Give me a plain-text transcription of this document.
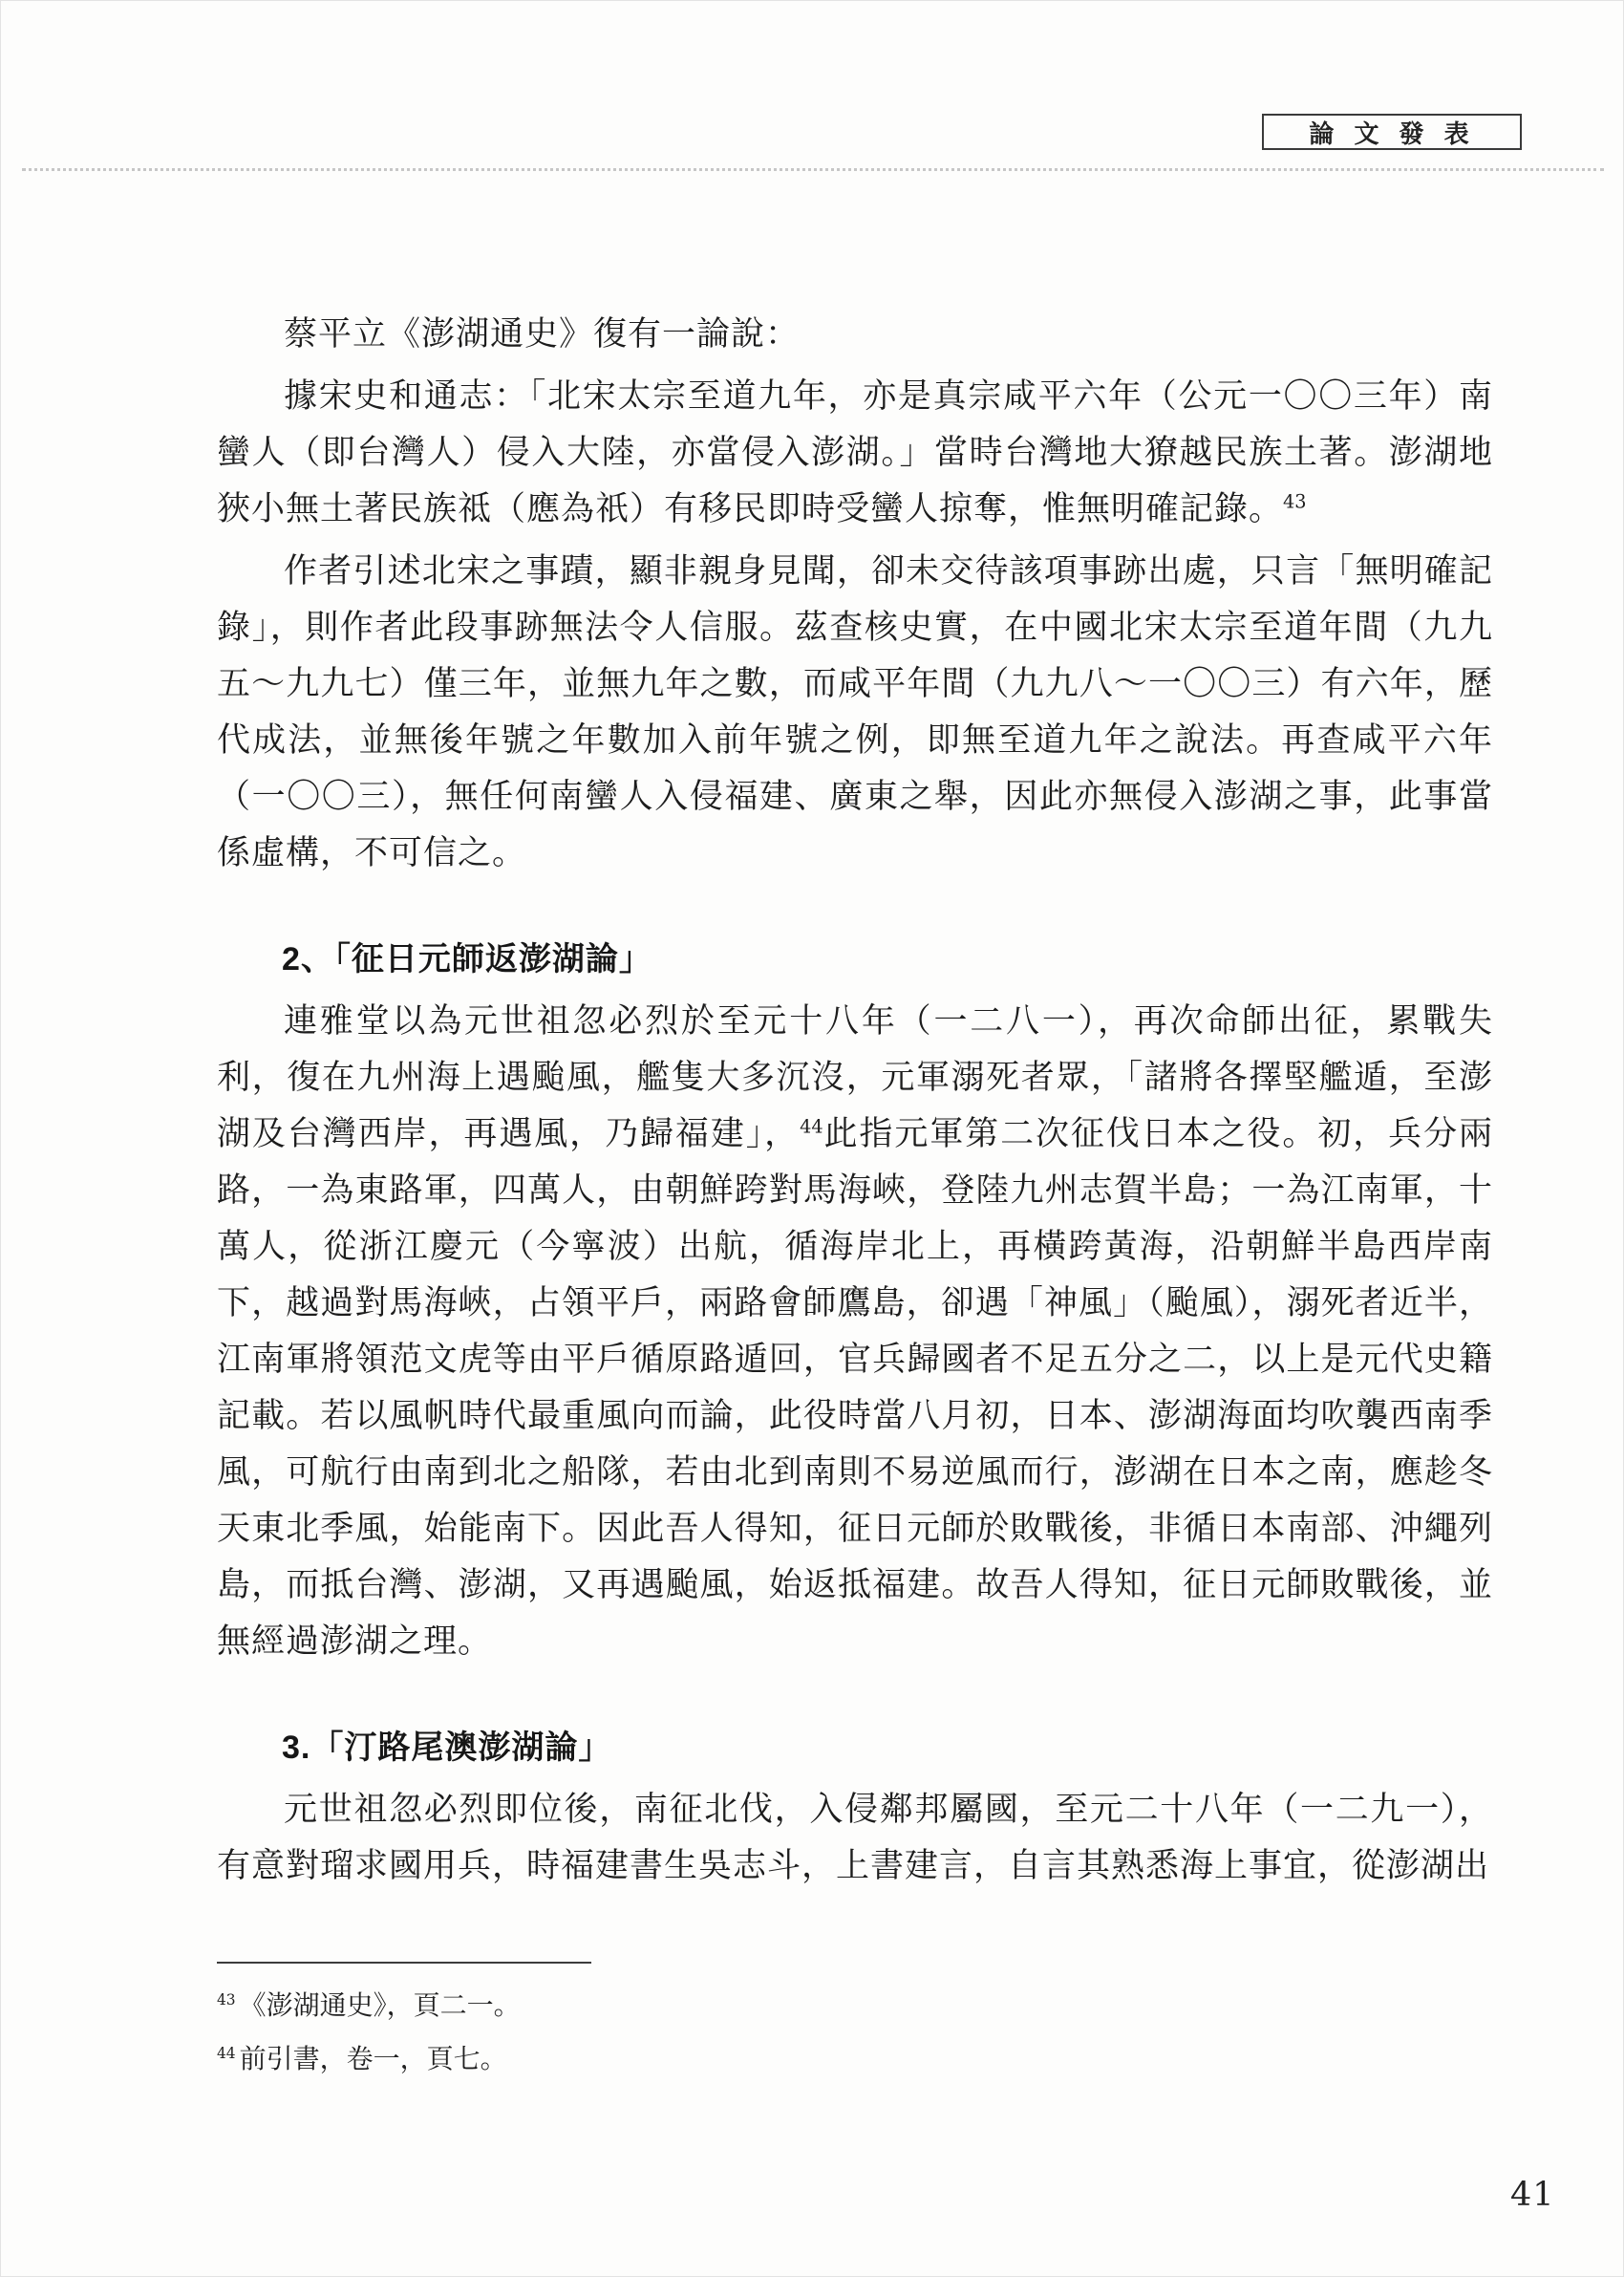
論 文 發 表

蔡平立《澎湖通史》復有一論說：

據宋史和通志：「北宋太宗至道九年，亦是真宗咸平六年（公元一〇〇三年）南蠻人（即台灣人）侵入大陸，亦當侵入澎湖。」當時台灣地大獠越民族土著。澎湖地狹小無土著民族祗（應為祇）有移民即時受蠻人掠奪，惟無明確記錄。$^{43}$

作者引述北宋之事蹟，顯非親身見聞，卻未交待該項事跡出處，只言「無明確記錄」，則作者此段事跡無法令人信服。茲查核史實，在中國北宋太宗至道年間（九九五～九九七）僅三年，並無九年之數，而咸平年間（九九八～一〇〇三）有六年，歷代成法，並無後年號之年數加入前年號之例，即無至道九年之說法。再查咸平六年（一〇〇三），無任何南蠻人入侵福建、廣東之舉，因此亦無侵入澎湖之事，此事當係虛構，不可信之。

2、「征日元師返澎湖論」

連雅堂以為元世祖忽必烈於至元十八年（一二八一），再次命師出征，累戰失利，復在九州海上遇颱風，艦隻大多沉沒，元軍溺死者眾，「諸將各擇堅艦遁，至澎湖及台灣西岸，再遇風，乃歸福建」，$^{44}$此指元軍第二次征伐日本之役。初，兵分兩路，一為東路軍，四萬人，由朝鮮跨對馬海峽，登陸九州志賀半島；一為江南軍，十萬人，從浙江慶元（今寧波）出航，循海岸北上，再橫跨黃海，沿朝鮮半島西岸南下，越過對馬海峽，占領平戶，兩路會師鷹島，卻遇「神風」（颱風），溺死者近半，江南軍將領范文虎等由平戶循原路遁回，官兵歸國者不足五分之二，以上是元代史籍記載。若以風帆時代最重風向而論，此役時當八月初，日本、澎湖海面均吹襲西南季風，可航行由南到北之船隊，若由北到南則不易逆風而行，澎湖在日本之南，應趁冬天東北季風，始能南下。因此吾人得知，征日元師於敗戰後，非循日本南部、沖繩列島，而抵台灣、澎湖，又再遇颱風，始返抵福建。故吾人得知，征日元師敗戰後，並無經過澎湖之理。

3.「汀路尾澳澎湖論」

元世祖忽必烈即位後，南征北伐，入侵鄰邦屬國，至元二十八年（一二九一），有意對瑠求國用兵，時福建書生吳志斗，上書建言，自言其熟悉海上事宜，從澎湖出

$^{43}$ 《澎湖通史》，頁二一。
$^{44}$ 前引書，卷一，頁七。
41
